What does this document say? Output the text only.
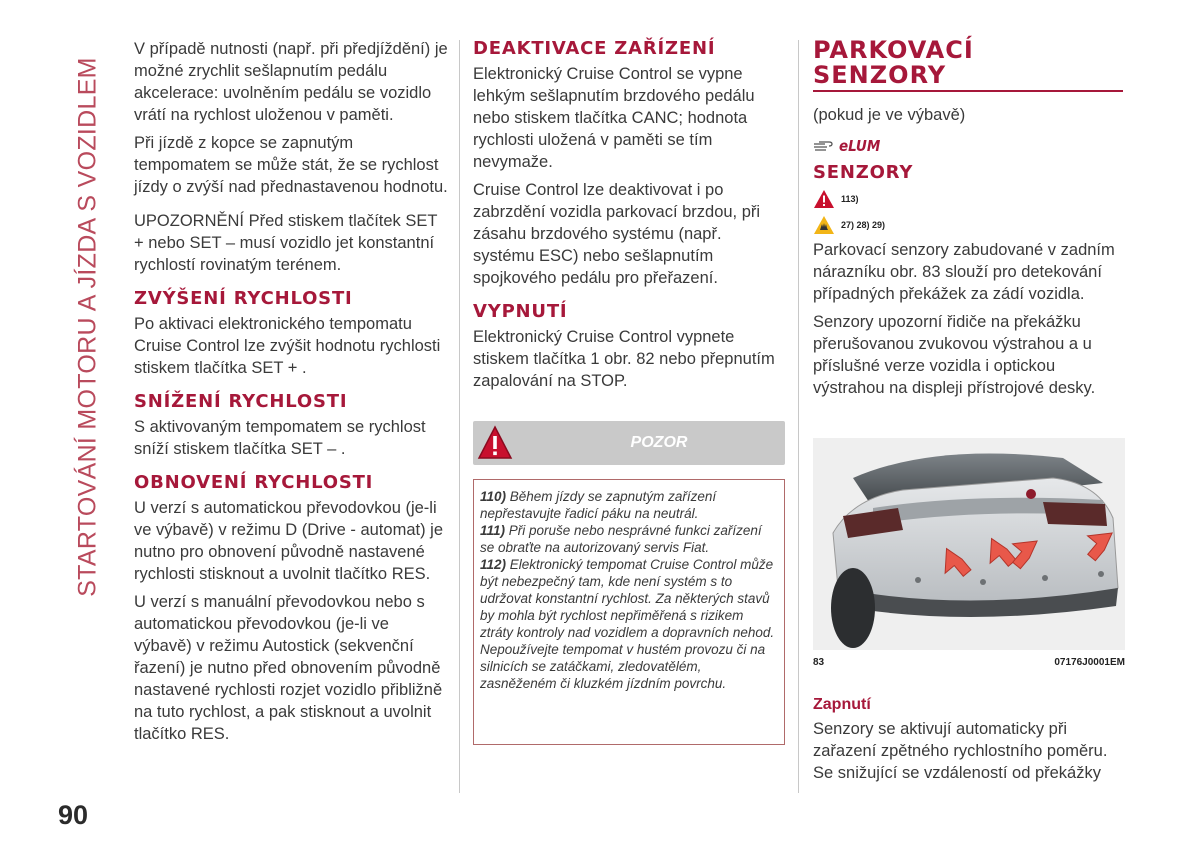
STARTOVÁNÍ MOTORU A JÍZDA S VOZIDLEM
90

V případě nutnosti (např. při předjíždění) je možné zrychlit sešlapnutím pedálu akcelerace: uvolněním pedálu se vozidlo vrátí na rychlost uloženou v paměti.

Při jízdě z kopce se zapnutým tempomatem se může stát, že se rychlost jízdy o zvýší nad přednastavenou hodnotu.

UPOZORNĚNÍ Před stiskem tlačítek SET + nebo SET – musí vozidlo jet konstantní rychlostí rovinatým terénem.

ZVÝŠENÍ RYCHLOSTI

Po aktivaci elektronického tempomatu Cruise Control lze zvýšit hodnotu rychlosti stiskem tlačítka SET + .

SNÍŽENÍ RYCHLOSTI

S aktivovaným tempomatem se rychlost sníží stiskem tlačítka SET – .

OBNOVENÍ RYCHLOSTI

U verzí s automatickou převodovkou (je-li ve výbavě) v režimu D (Drive - automat) je nutno pro obnovení původně nastavené rychlosti stisknout a uvolnit tlačítko RES.

U verzí s manuální převodovkou nebo s automatickou převodovkou (je-li ve výbavě) v režimu Autostick (sekvenční řazení) je nutno před obnovením původně nastavené rychlosti rozjet vozidlo přibližně na tuto rychlost, a pak stisknout a uvolnit tlačítko RES.

DEAKTIVACE ZAŘÍZENÍ

Elektronický Cruise Control se vypne lehkým sešlapnutím brzdového pedálu nebo stiskem tlačítka CANC; hodnota rychlosti uložená v paměti se tím nevymaže.

Cruise Control lze deaktivovat i po zabrzdění vozidla parkovací brzdou, při zásahu brzdového systému (např. systému ESC) nebo sešlapnutím spojkového pedálu pro přeřazení.

VYPNUTÍ

Elektronický Cruise Control vypnete stiskem tlačítka 1 obr. 82 nebo přepnutím zapalování na STOP.

POZOR

110) Během jízdy se zapnutým zařízení nepřestavujte řadicí páku na neutrál.

111) Při poruše nebo nesprávné funkci zařízení se obraťte na autorizovaný servis Fiat.

112) Elektronický tempomat Cruise Control může být nebezpečný tam, kde není systém s to udržovat konstantní rychlost. Za některých stavů by mohla být rychlost nepřiměřená s rizikem ztráty kontroly nad vozidlem a dopravních nehod. Nepoužívejte tempomat v hustém provozu či na silnicích se zatáčkami, zledovatělém, zasněženém či kluzkém jízdním povrchu.

PARKOVACÍ
SENZORY
(pokud je ve výbavě)
eLUM
SENZORY
113)
27) 28) 29)

Parkovací senzory zabudované v zadním nárazníku obr. 83 slouží pro detekování případných překážek za zádí vozidla.

Senzory upozorní řidiče na překážku přerušovanou zvukovou výstrahou a u příslušné verze vozidla i optickou výstrahou na displeji přístrojové desky.

83	07176J0001EM
Zapnutí

Senzory se aktivují automaticky při zařazení zpětného rychlostního poměru. Se snižující se vzdáleností od překážky
